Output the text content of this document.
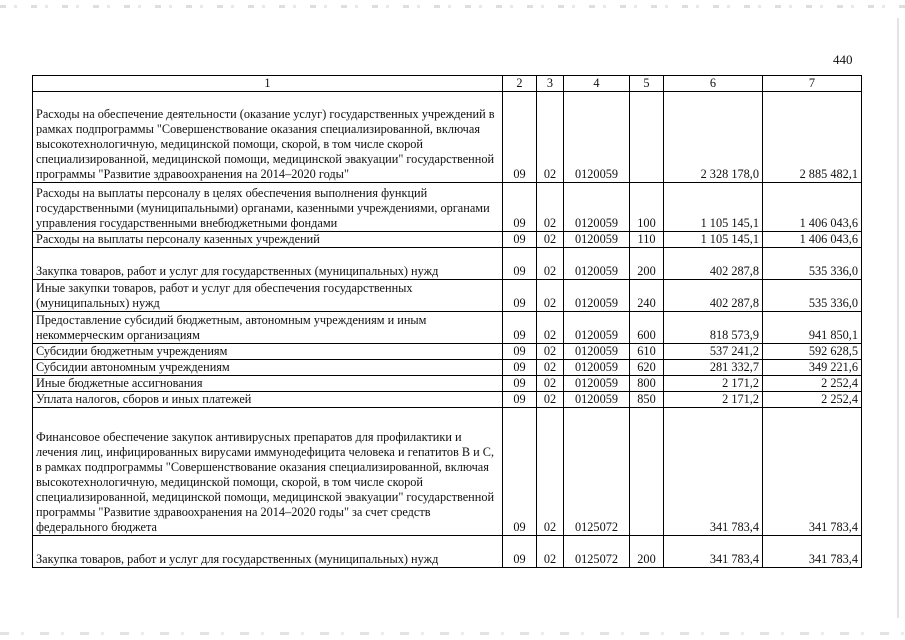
440
1	2	3	4	5	6	7
Расходы на обеспечение деятельности (оказание услуг) государственных учреждений в рамках подпрограммы "Совершенствование оказания специализированной, включая высокотехнологичную, медицинской помощи, скорой, в том числе скорой специализированной, медицинской помощи, медицинской эвакуации" государственной программы "Развитие здравоохранения на 2014–2020 годы"	09	02	0120059		2 328 178,0	2 885 482,1
Расходы на выплаты персоналу в целях обеспечения выполнения функций государственными (муниципальными) органами, казенными учреждениями, органами управления государственными внебюджетными фондами	09	02	0120059	100	1 105 145,1	1 406 043,6
Расходы на выплаты персоналу казенных учреждений	09	02	0120059	110	1 105 145,1	1 406 043,6
Закупка товаров, работ и услуг для государственных (муниципальных) нужд	09	02	0120059	200	402 287,8	535 336,0
Иные закупки товаров, работ и услуг для обеспечения государственных (муниципальных) нужд	09	02	0120059	240	402 287,8	535 336,0
Предоставление субсидий бюджетным, автономным учреждениям и иным некоммерческим организациям	09	02	0120059	600	818 573,9	941 850,1
Субсидии бюджетным учреждениям	09	02	0120059	610	537 241,2	592 628,5
Субсидии автономным учреждениям	09	02	0120059	620	281 332,7	349 221,6
Иные бюджетные ассигнования	09	02	0120059	800	2 171,2	2 252,4
Уплата налогов, сборов и иных платежей	09	02	0120059	850	2 171,2	2 252,4
Финансовое обеспечение закупок антивирусных препаратов для профилактики и лечения лиц, инфицированных вирусами иммунодефицита человека и гепатитов B и C, в рамках подпрограммы "Совершенствование оказания специализированной, включая высокотехнологичную, медицинской помощи, скорой, в том числе скорой специализированной, медицинской помощи, медицинской эвакуации" государственной программы "Развитие здравоохранения на 2014–2020 годы" за счет средств федерального бюджета	09	02	0125072		341 783,4	341 783,4
Закупка товаров, работ и услуг для государственных (муниципальных) нужд	09	02	0125072	200	341 783,4	341 783,4
